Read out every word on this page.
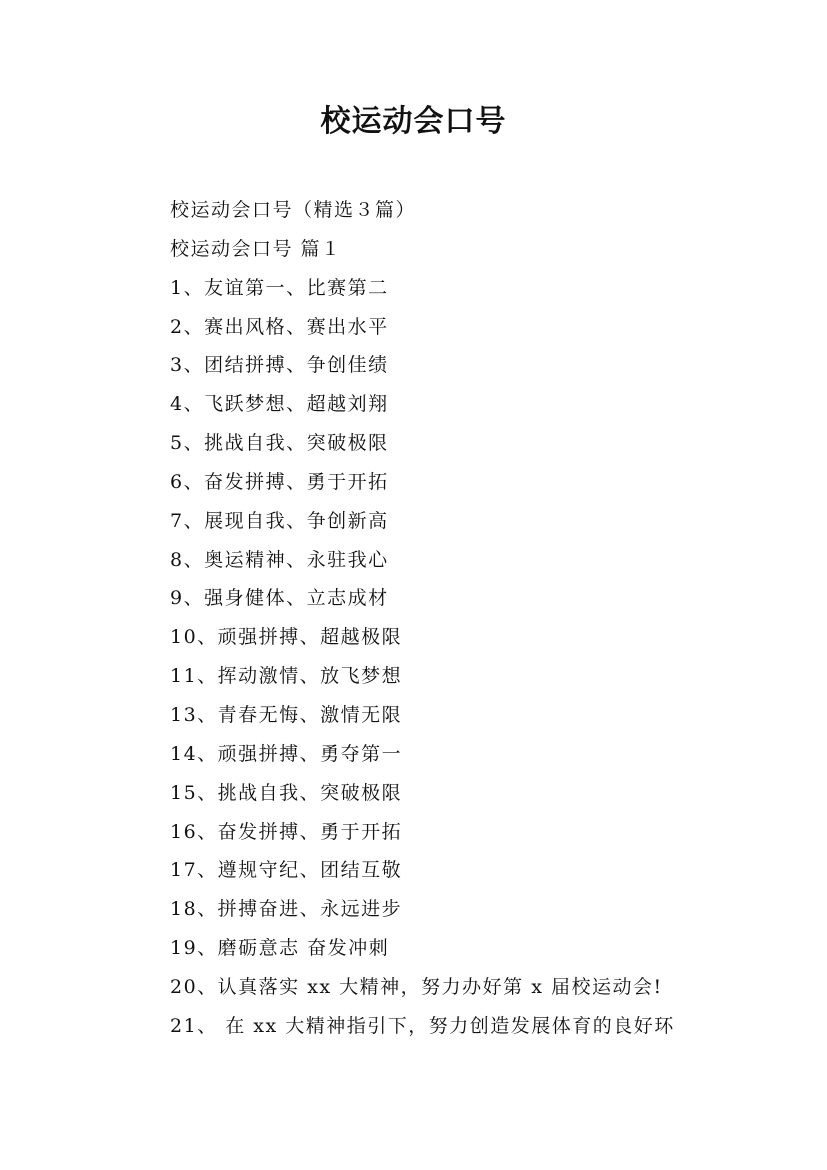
校运动会口号
校运动会口号（精选３篇）
校运动会口号 篇１
1、友谊第一、比赛第二
2、赛出风格、赛出水平
3、团结拼搏、争创佳绩
4、飞跃梦想、超越刘翔
5、挑战自我、突破极限
6、奋发拼搏、勇于开拓
7、展现自我、争创新高
8、奥运精神、永驻我心
9、强身健体、立志成材
10、顽强拼搏、超越极限
11、挥动激情、放飞梦想
13、青春无悔、激情无限
14、顽强拼搏、勇夺第一
15、挑战自我、突破极限
16、奋发拼搏、勇于开拓
17、遵规守纪、团结互敬
18、拼搏奋进、永远进步
19、磨砺意志 奋发冲刺
20、认真落实 xx 大精神，努力办好第 x 届校运动会!
21、 在 xx 大精神指引下，努力创造发展体育的良好环
